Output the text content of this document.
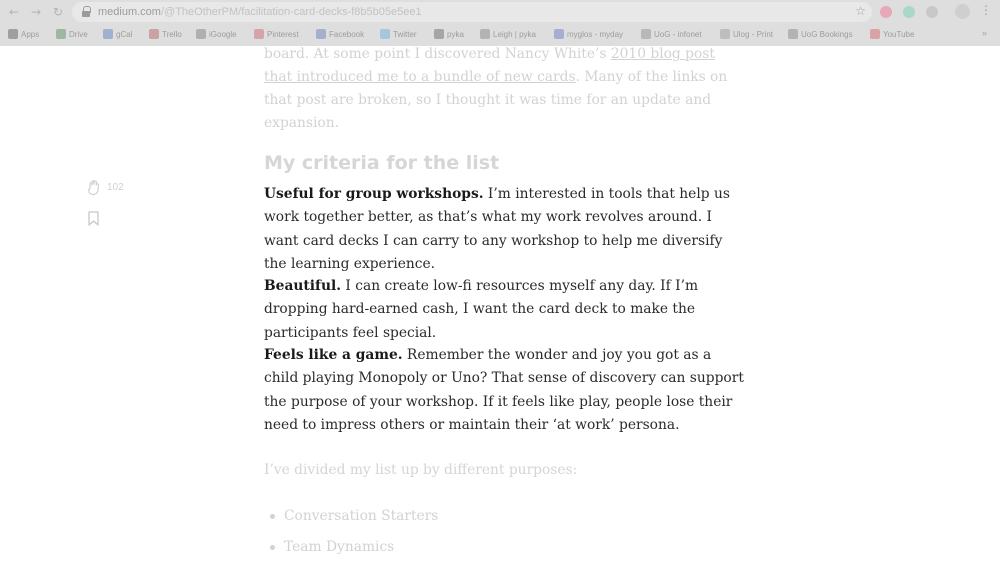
← → ↻	medium.com/@TheOtherPM/facilitation-card-decks-f8b5b05e5ee1	☆	⋮
Apps	Drive	gCal	Trello	iGoogle	Pinterest	Facebook	Twitter	pyka	Leigh | pyka	myglos - myday	UoG - infonet	Ulog - Print	UoG Bookings	YouTube	»
102

board. At some point I discovered Nancy White’s 2010 blog post that introduced me to a bundle of new cards. Many of the links on that post are broken, so I thought it was time for an update and expansion.

My criteria for the list

Useful for group workshops. I’m interested in tools that help us work together better, as that’s what my work revolves around. I want card decks I can carry to any workshop to help me diversify the learning experience.

Beautiful. I can create low-fi resources myself any day. If I’m dropping hard-earned cash, I want the card deck to make the participants feel special.

Feels like a game. Remember the wonder and joy you got as a child playing Monopoly or Uno? That sense of discovery can support the purpose of your workshop. If it feels like play, people lose their need to impress others or maintain their ‘at work’ persona.

I’ve divided my list up by different purposes:

Conversation Starters
Team Dynamics
